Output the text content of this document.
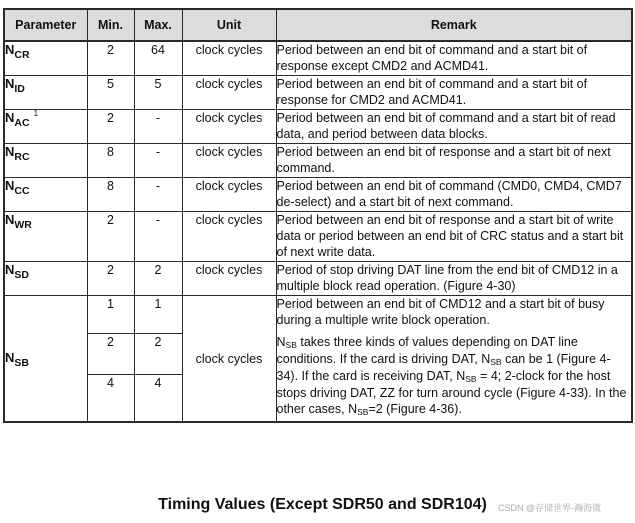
Parameter	Min.	Max.	Unit	Remark
$N_{CR}$	2	64	clock cycles	Period between an end bit of command and a start bit of response except CMD2 and ACMD41.
$N_{ID}$	5	5	clock cycles	Period between an end bit of command and a start bit of response for CMD2 and ACMD41.
$N_{AC}^1$	2	-	clock cycles	Period between an end bit of command and a start bit of read data, and period between data blocks.
$N_{RC}$	8	-	clock cycles	Period between an end bit of response and a start bit of next command.
$N_{CC}$	8	-	clock cycles	Period between an end bit of command (CMD0, CMD4, CMD7 de-select) and a start bit of next command.
$N_{WR}$	2	-	clock cycles	Period between an end bit of response and a start bit of write data or period between an end bit of CRC status and a start bit of next write data.
$N_{SD}$	2	2	clock cycles	Period of stop driving DAT line from the end bit of CMD12 in a multiple block read operation. (Figure 4-30)
$N_{SB}$	1	1	clock cycles	Period between an end bit of CMD12 and a start bit of busy during a multiple write block operation.

NSB takes three kinds of values depending on DAT line conditions. If the card is driving DAT, NSB can be 1 (Figure 4-34). If the card is receiving DAT, NSB = 4; 2-clock for the host stops driving DAT, ZZ for turn around cycle (Figure 4-33). In the other cases, NSB=2 (Figure 4-36).

	2	2		
	4	4		
Timing Values (Except SDR50 and SDR104)	CSDN @存储世界-瀚海微
